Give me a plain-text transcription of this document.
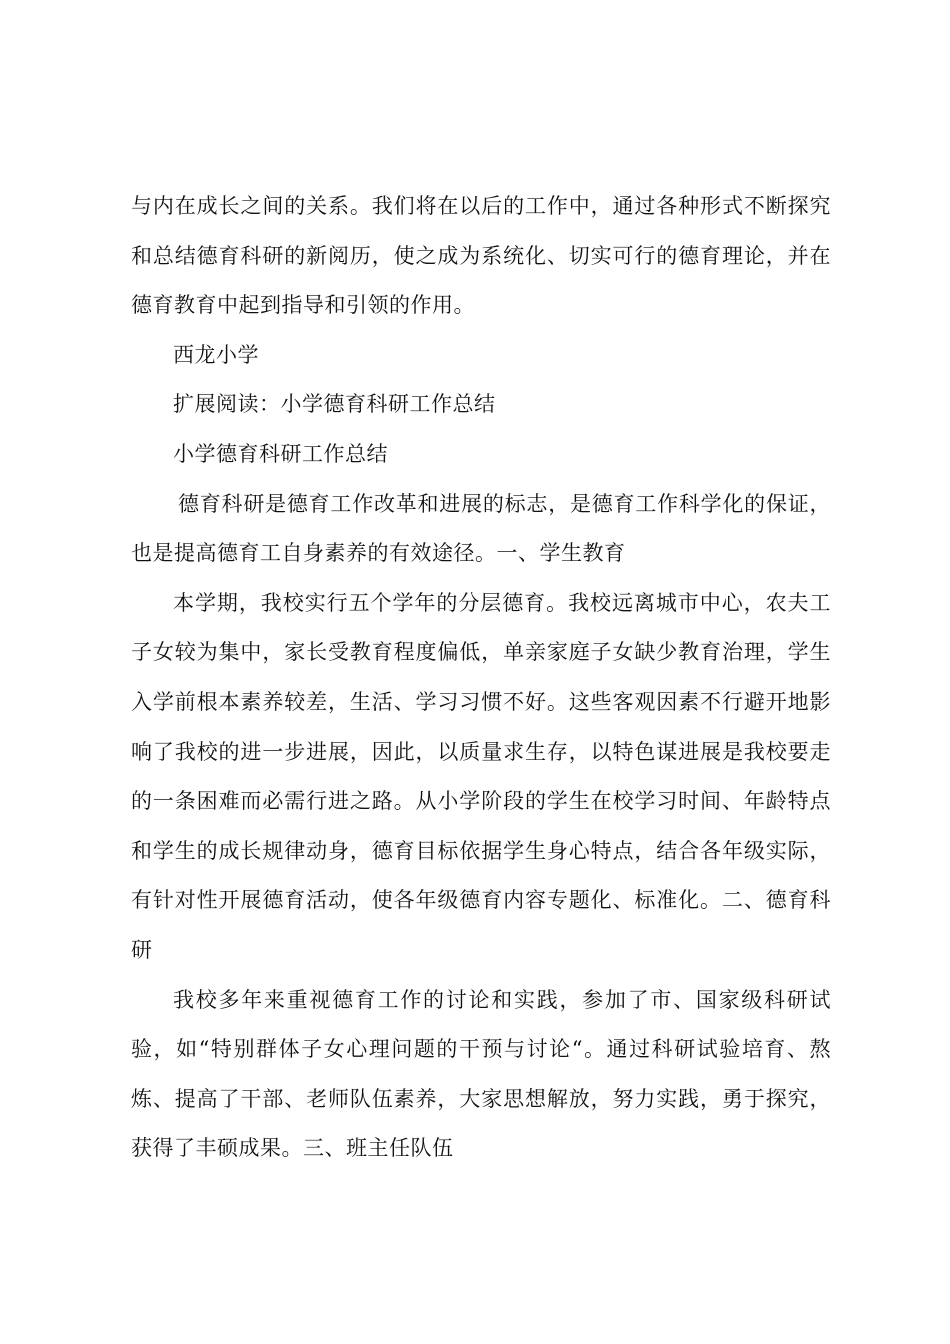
与内在成长之间的关系。我们将在以后的工作中，通过各种形式不断探究和总结德育科研的新阅历，使之成为系统化、切实可行的德育理论，并在德育教育中起到指导和引领的作用。

西龙小学

扩展阅读：小学德育科研工作总结

小学德育科研工作总结

德育科研是德育工作改革和进展的标志，是德育工作科学化的保证，也是提高德育工自身素养的有效途径。一、学生教育

本学期，我校实行五个学年的分层德育。我校远离城市中心，农夫工子女较为集中，家长受教育程度偏低，单亲家庭子女缺少教育治理，学生入学前根本素养较差，生活、学习习惯不好。这些客观因素不行避开地影响了我校的进一步进展，因此，以质量求生存，以特色谋进展是我校要走的一条困难而必需行进之路。从小学阶段的学生在校学习时间、年龄特点和学生的成长规律动身，德育目标依据学生身心特点，结合各年级实际，有针对性开展德育活动，使各年级德育内容专题化、标准化。二、德育科研

我校多年来重视德育工作的讨论和实践，参加了市、国家级科研试验，如“特别群体子女心理问题的干预与讨论“。通过科研试验培育、熬炼、提高了干部、老师队伍素养，大家思想解放，努力实践，勇于探究，获得了丰硕成果。三、班主任队伍
